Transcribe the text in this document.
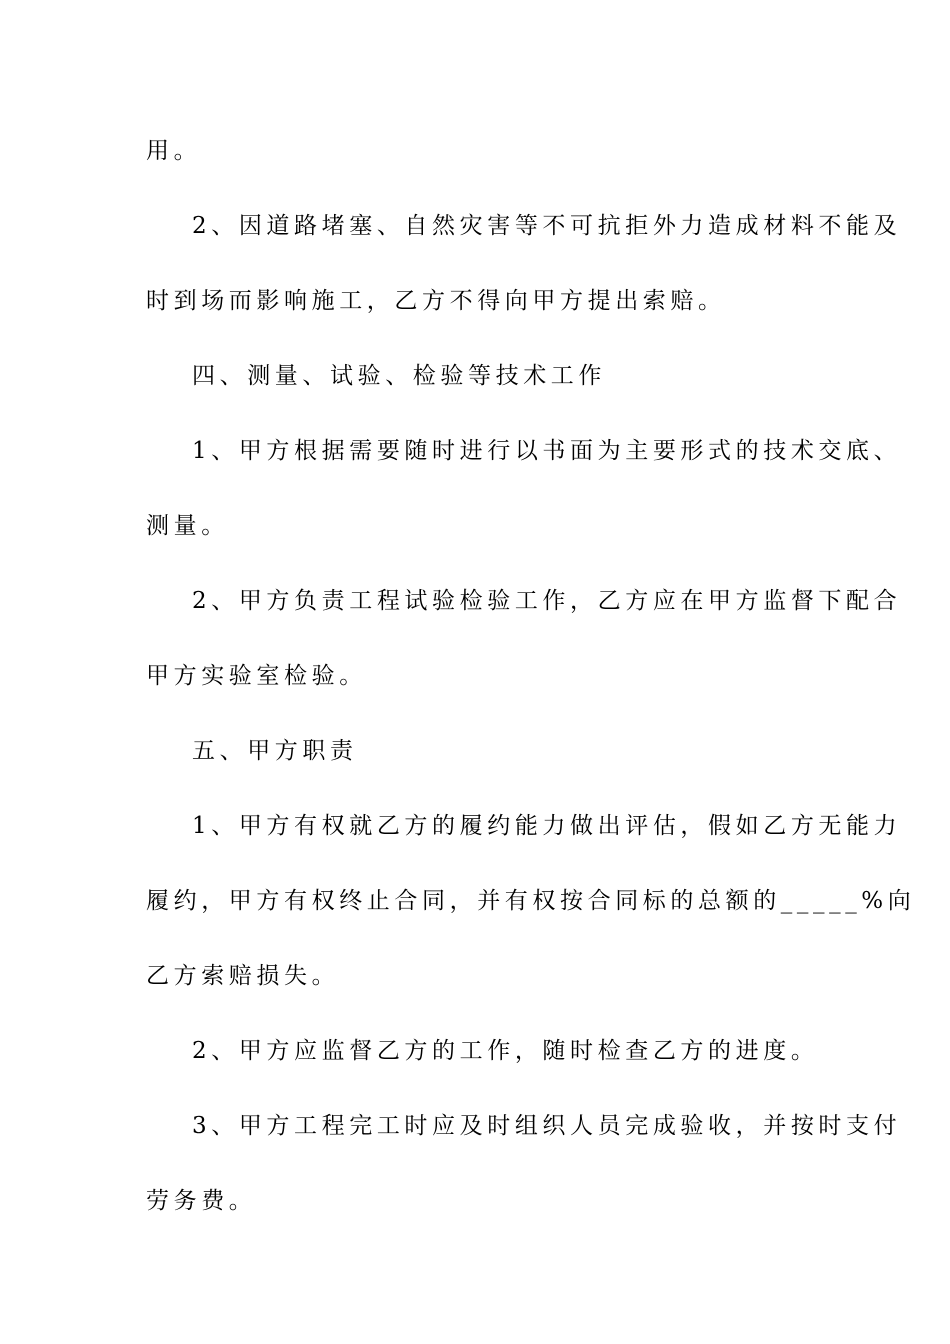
用。
2、因道路堵塞、自然灾害等不可抗拒外力造成材料不能及
时到场而影响施工，乙方不得向甲方提出索赔。
四、测量、试验、检验等技术工作
1、甲方根据需要随时进行以书面为主要形式的技术交底、
测量。
2、甲方负责工程试验检验工作，乙方应在甲方监督下配合
甲方实验室检验。
五、甲方职责
1、甲方有权就乙方的履约能力做出评估，假如乙方无能力
履约，甲方有权终止合同，并有权按合同标的总额的_____%向
乙方索赔损失。
2、甲方应监督乙方的工作，随时检查乙方的进度。
3、甲方工程完工时应及时组织人员完成验收，并按时支付
劳务费。
